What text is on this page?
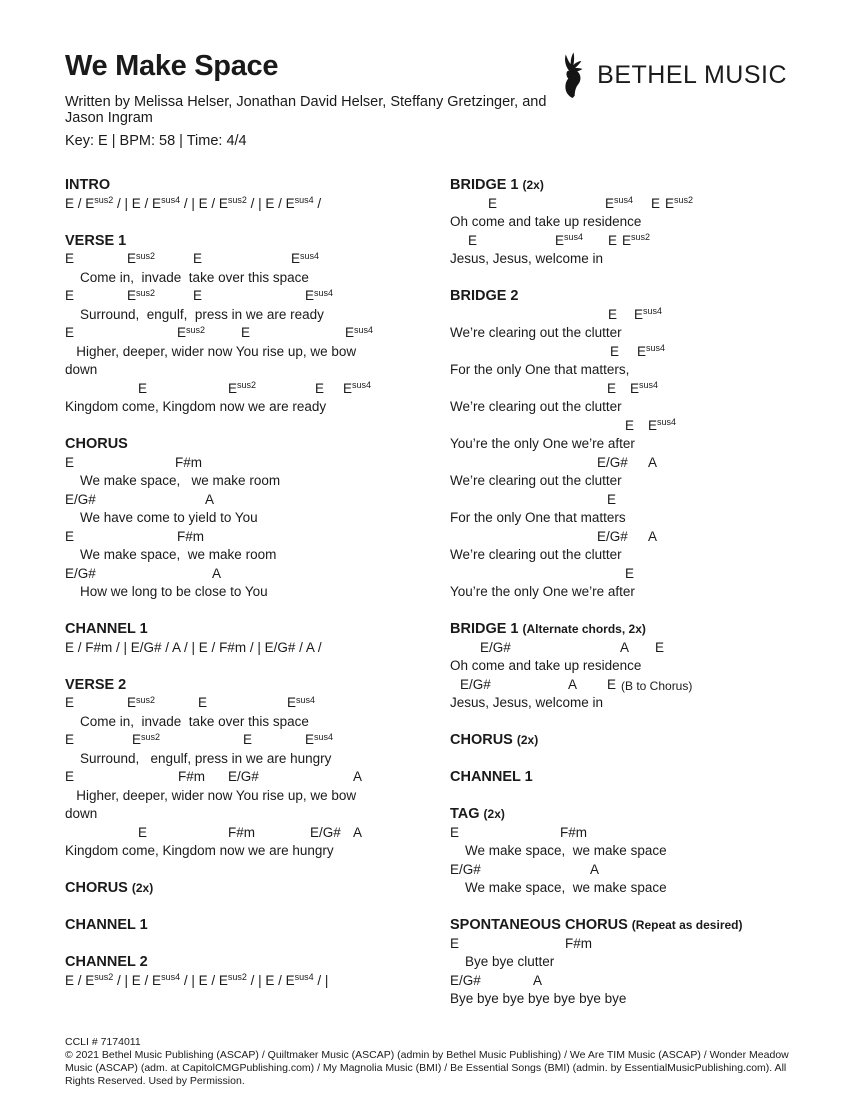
We Make Space

Written by Melissa Helser, Jonathan David Helser, Steffany Gretzinger, and Jason Ingram

Key: E | BPM: 58 | Time: 4/4

BETHEL MUSIC
INTRO
E / $E^{sus2}$ / | E / $E^{sus4}$ / | E / $E^{sus2}$ / | E / $E^{sus4}$ /
VERSE 1
E	$E^{sus2}$	E	$E^{sus4}$
Come in,  invade  take over this space
E	$E^{sus2}$	E	$E^{sus4}$
Surround,  engulf,  press in we are ready
E	$E^{sus2}$	E	$E^{sus4}$
Higher, deeper, wider now You rise up, we bow
down
E	$E^{sus2}$	E $E^{sus4}$
Kingdom come, Kingdom now we are ready
CHORUS
E	F#m
We make space,   we make room
E/G#	A
We have come to yield to You
E	F#m
We make space,  we make room
E/G#	A
How we long to be close to You
CHANNEL 1
E / F#m / | E/G# / A / | E / F#m / | E/G# / A /
VERSE 2
E	$E^{sus2}$	E	$E^{sus4}$
Come in,  invade  take over this space
E	$E^{sus2}$	E	$E^{sus4}$
Surround,   engulf, press in we are hungry
E	F#m E/G#	A
Higher, deeper, wider now You rise up, we bow
down
E	F#m	E/G# A
Kingdom come, Kingdom now we are hungry
CHORUS (2x)
CHANNEL 1
CHANNEL 2
E / $E^{sus2}$ / | E / $E^{sus4}$ / | E / $E^{sus2}$ / | E / $E^{sus4}$ / |
BRIDGE 1 (2x)
E	$E^{sus4}$ E $E^{sus2}$
Oh come and take up residence
E	$E^{sus4}$ E $E^{sus2}$
Jesus, Jesus, welcome in
BRIDGE 2
E $E^{sus4}$
We’re clearing out the clutter
E $E^{sus4}$
For the only One that matters,
E $E^{sus4}$
We’re clearing out the clutter
E $E^{sus4}$
You’re the only One we’re after
E/G# A
We’re clearing out the clutter
E
For the only One that matters
E/G# A
We’re clearing out the clutter
E
You’re the only One we’re after
BRIDGE 1 (Alternate chords, 2x)
E/G#	A E
Oh come and take up residence
E/G#	A E (B to Chorus)
Jesus, Jesus, welcome in
CHORUS (2x)
CHANNEL 1
TAG (2x)
E	F#m
We make space,  we make space
E/G#	A
We make space,  we make space
SPONTANEOUS CHORUS (Repeat as desired)
E	F#m
Bye bye clutter
E/G#	A
Bye bye bye bye bye bye bye

CCLI # 7174011

© 2021 Bethel Music Publishing (ASCAP) / Quiltmaker Music (ASCAP) (admin by Bethel Music Publishing) / We Are TIM Music (ASCAP) / Wonder Meadow Music (ASCAP) (adm. at CapitolCMGPublishing.com) / My Magnolia Music (BMI) / Be Essential Songs (BMI) (admin. by EssentialMusicPublishing.com). All Rights Reserved. Used by Permission.
